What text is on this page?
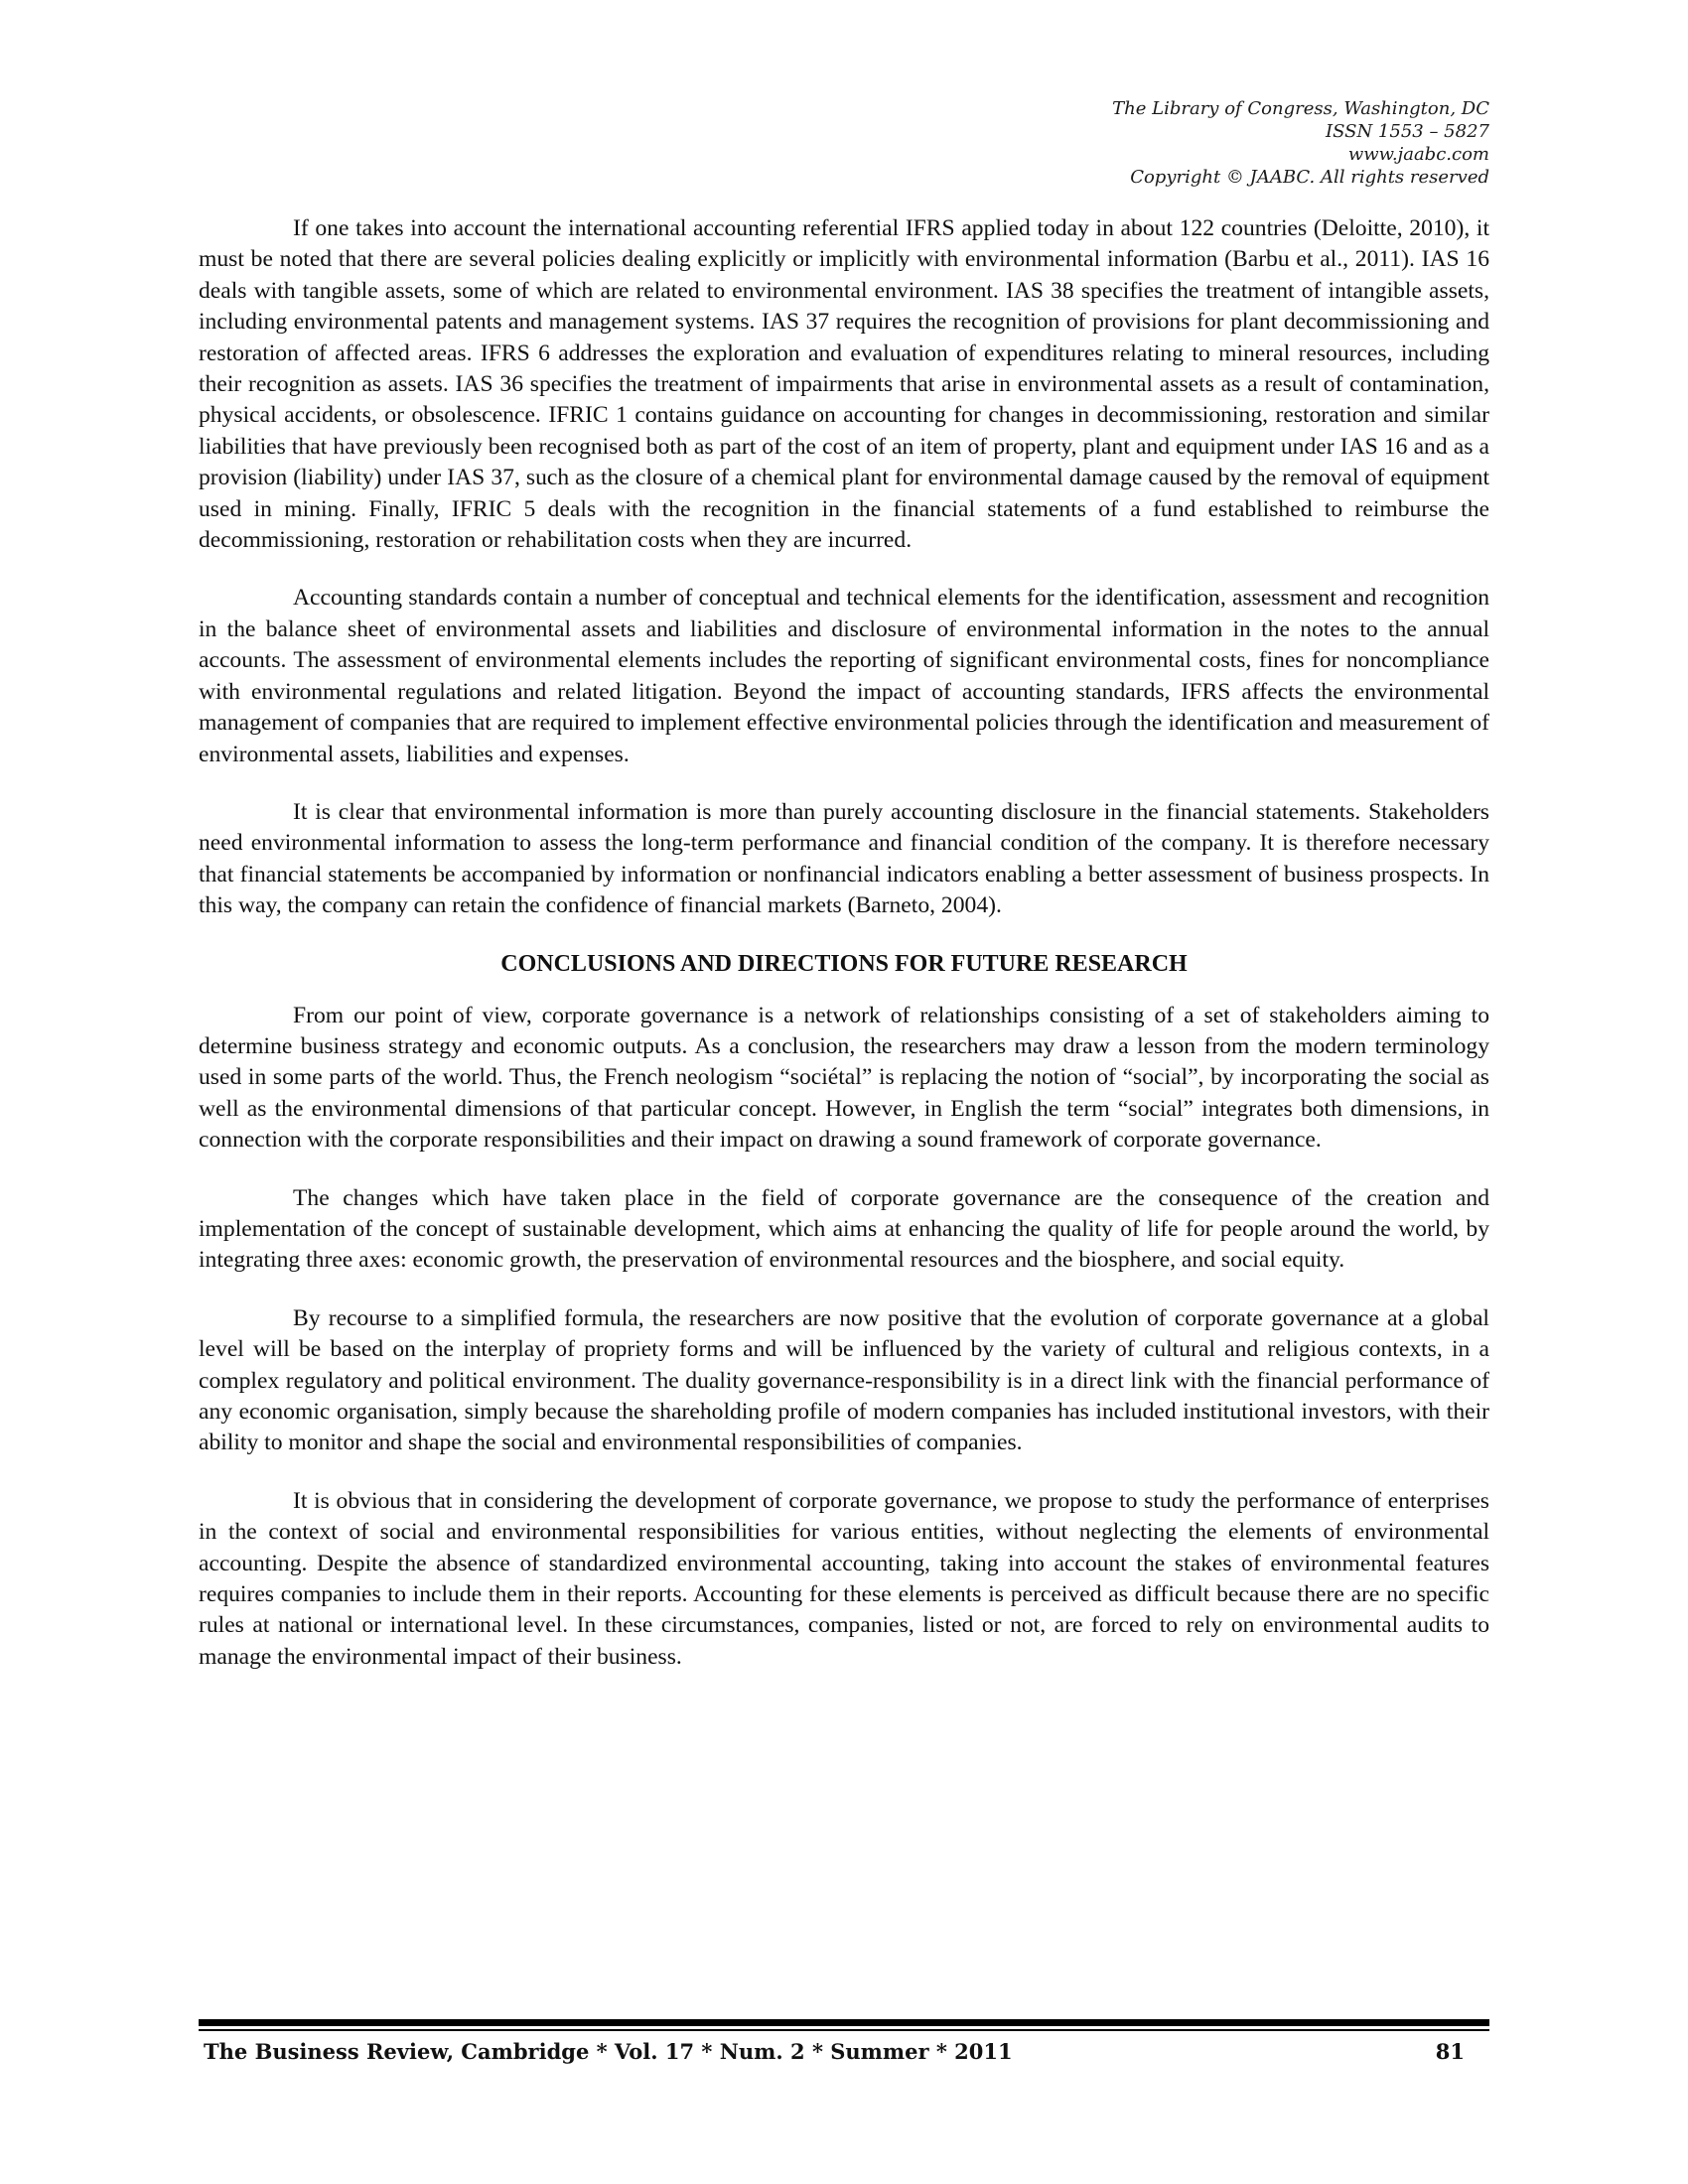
The Library of Congress, Washington, DC
ISSN 1553 – 5827
www.jaabc.com
Copyright © JAABC. All rights reserved

If one takes into account the international accounting referential IFRS applied today in about 122 countries (Deloitte, 2010), it must be noted that there are several policies dealing explicitly or implicitly with environmental information (Barbu et al., 2011). IAS 16 deals with tangible assets, some of which are related to environmental environment. IAS 38 specifies the treatment of intangible assets, including environmental patents and management systems. IAS 37 requires the recognition of provisions for plant decommissioning and restoration of affected areas. IFRS 6 addresses the exploration and evaluation of expenditures relating to mineral resources, including their recognition as assets. IAS 36 specifies the treatment of impairments that arise in environmental assets as a result of contamination, physical accidents, or obsolescence. IFRIC 1 contains guidance on accounting for changes in decommissioning, restoration and similar liabilities that have previously been recognised both as part of the cost of an item of property, plant and equipment under IAS 16 and as a provision (liability) under IAS 37, such as the closure of a chemical plant for environmental damage caused by the removal of equipment used in mining. Finally, IFRIC 5 deals with the recognition in the financial statements of a fund established to reimburse the decommissioning, restoration or rehabilitation costs when they are incurred.

Accounting standards contain a number of conceptual and technical elements for the identification, assessment and recognition in the balance sheet of environmental assets and liabilities and disclosure of environmental information in the notes to the annual accounts. The assessment of environmental elements includes the reporting of significant environmental costs, fines for noncompliance with environmental regulations and related litigation. Beyond the impact of accounting standards, IFRS affects the environmental management of companies that are required to implement effective environmental policies through the identification and measurement of environmental assets, liabilities and expenses.

It is clear that environmental information is more than purely accounting disclosure in the financial statements. Stakeholders need environmental information to assess the long-term performance and financial condition of the company. It is therefore necessary that financial statements be accompanied by information or nonfinancial indicators enabling a better assessment of business prospects. In this way, the company can retain the confidence of financial markets (Barneto, 2004).

CONCLUSIONS AND DIRECTIONS FOR FUTURE RESEARCH

From our point of view, corporate governance is a network of relationships consisting of a set of stakeholders aiming to determine business strategy and economic outputs. As a conclusion, the researchers may draw a lesson from the modern terminology used in some parts of the world. Thus, the French neologism “sociétal” is replacing the notion of “social”, by incorporating the social as well as the environmental dimensions of that particular concept. However, in English the term “social” integrates both dimensions, in connection with the corporate responsibilities and their impact on drawing a sound framework of corporate governance.

The changes which have taken place in the field of corporate governance are the consequence of the creation and implementation of the concept of sustainable development, which aims at enhancing the quality of life for people around the world, by integrating three axes: economic growth, the preservation of environmental resources and the biosphere, and social equity.

By recourse to a simplified formula, the researchers are now positive that the evolution of corporate governance at a global level will be based on the interplay of propriety forms and will be influenced by the variety of cultural and religious contexts, in a complex regulatory and political environment. The duality governance-responsibility is in a direct link with the financial performance of any economic organisation, simply because the shareholding profile of modern companies has included institutional investors, with their ability to monitor and shape the social and environmental responsibilities of companies.

It is obvious that in considering the development of corporate governance, we propose to study the performance of enterprises in the context of social and environmental responsibilities for various entities, without neglecting the elements of environmental accounting. Despite the absence of standardized environmental accounting, taking into account the stakes of environmental features requires companies to include them in their reports. Accounting for these elements is perceived as difficult because there are no specific rules at national or international level. In these circumstances, companies, listed or not, are forced to rely on environmental audits to manage the environmental impact of their business.

The Business Review, Cambridge * Vol. 17 * Num. 2 * Summer * 2011	81
